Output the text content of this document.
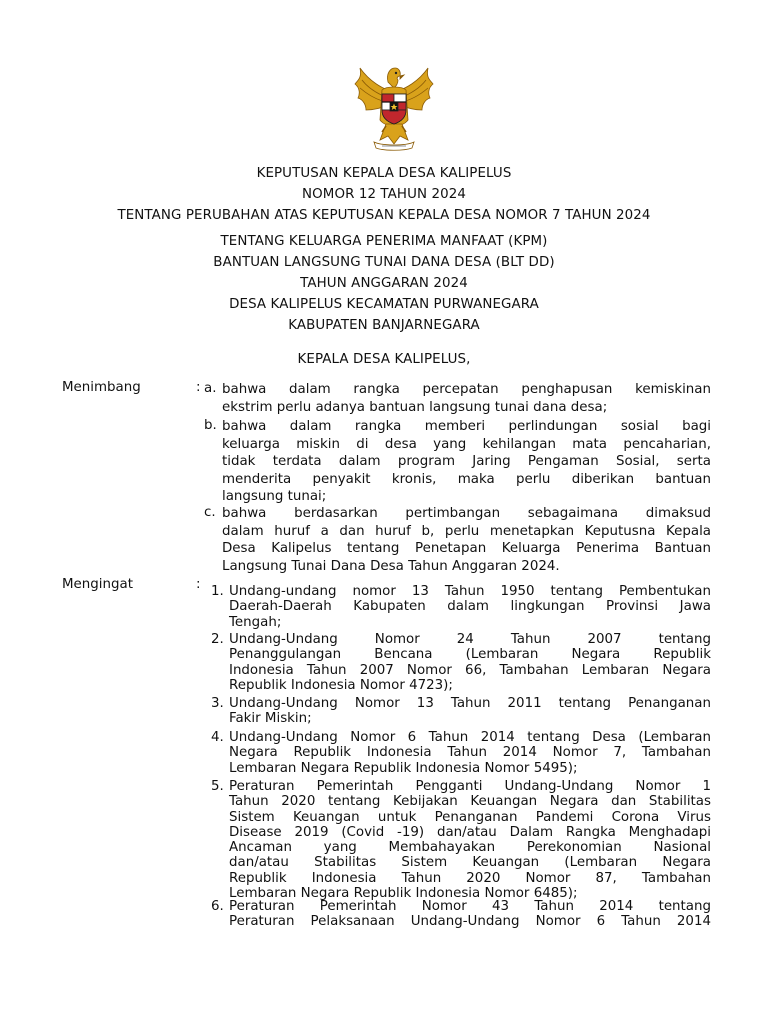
KEPUTUSAN KEPALA DESA KALIPELUS
NOMOR 12 TAHUN 2024
TENTANG PERUBAHAN ATAS KEPUTUSAN KEPALA DESA NOMOR 7 TAHUN 2024
TENTANG KELUARGA PENERIMA MANFAAT (KPM)
BANTUAN LANGSUNG TUNAI DANA DESA (BLT DD)
TAHUN ANGGARAN 2024
DESA KALIPELUS KECAMATAN PURWANEGARA
KABUPATEN BANJARNEGARA
KEPALA DESA KALIPELUS,
Menimbang	: a. bahwa dalam rangka percepatan penghapusan kemiskinan
ekstrim perlu adanya bantuan langsung tunai dana desa;
b. bahwa dalam rangka memberi perlindungan sosial bagi
keluarga miskin di desa yang kehilangan mata pencaharian,
tidak terdata dalam program Jaring Pengaman Sosial, serta
menderita penyakit kronis, maka perlu diberikan bantuan
langsung tunai;
c. bahwa berdasarkan pertimbangan sebagaimana dimaksud
dalam huruf a dan huruf b, perlu menetapkan Keputusna Kepala
Desa Kalipelus tentang Penetapan Keluarga Penerima Bantuan
Langsung Tunai Dana Desa Tahun Anggaran 2024.
Mengingat	: 1. Undang-undang nomor 13 Tahun 1950 tentang Pembentukan
Daerah-Daerah Kabupaten dalam lingkungan Provinsi Jawa
Tengah;
2. Undang-Undang Nomor 24 Tahun 2007 tentang
Penanggulangan Bencana (Lembaran Negara Republik
Indonesia Tahun 2007 Nomor 66, Tambahan Lembaran Negara
Republik Indonesia Nomor 4723);
3. Undang-Undang Nomor 13 Tahun 2011 tentang Penanganan
Fakir Miskin;
4. Undang-Undang Nomor 6 Tahun 2014 tentang Desa (Lembaran
Negara Republik Indonesia Tahun 2014 Nomor 7, Tambahan
Lembaran Negara Republik Indonesia Nomor 5495);
5. Peraturan Pemerintah Pengganti Undang-Undang Nomor 1
Tahun 2020 tentang Kebijakan Keuangan Negara dan Stabilitas
Sistem Keuangan untuk Penanganan Pandemi Corona Virus
Disease 2019 (Covid -19) dan/atau Dalam Rangka Menghadapi
Ancaman yang Membahayakan Perekonomian Nasional
dan/atau Stabilitas Sistem Keuangan (Lembaran Negara
Republik Indonesia Tahun 2020 Nomor 87, Tambahan
Lembaran Negara Republik Indonesia Nomor 6485);
6. Peraturan Pemerintah Nomor 43 Tahun 2014 tentang
Peraturan Pelaksanaan Undang-Undang Nomor 6 Tahun 2014
